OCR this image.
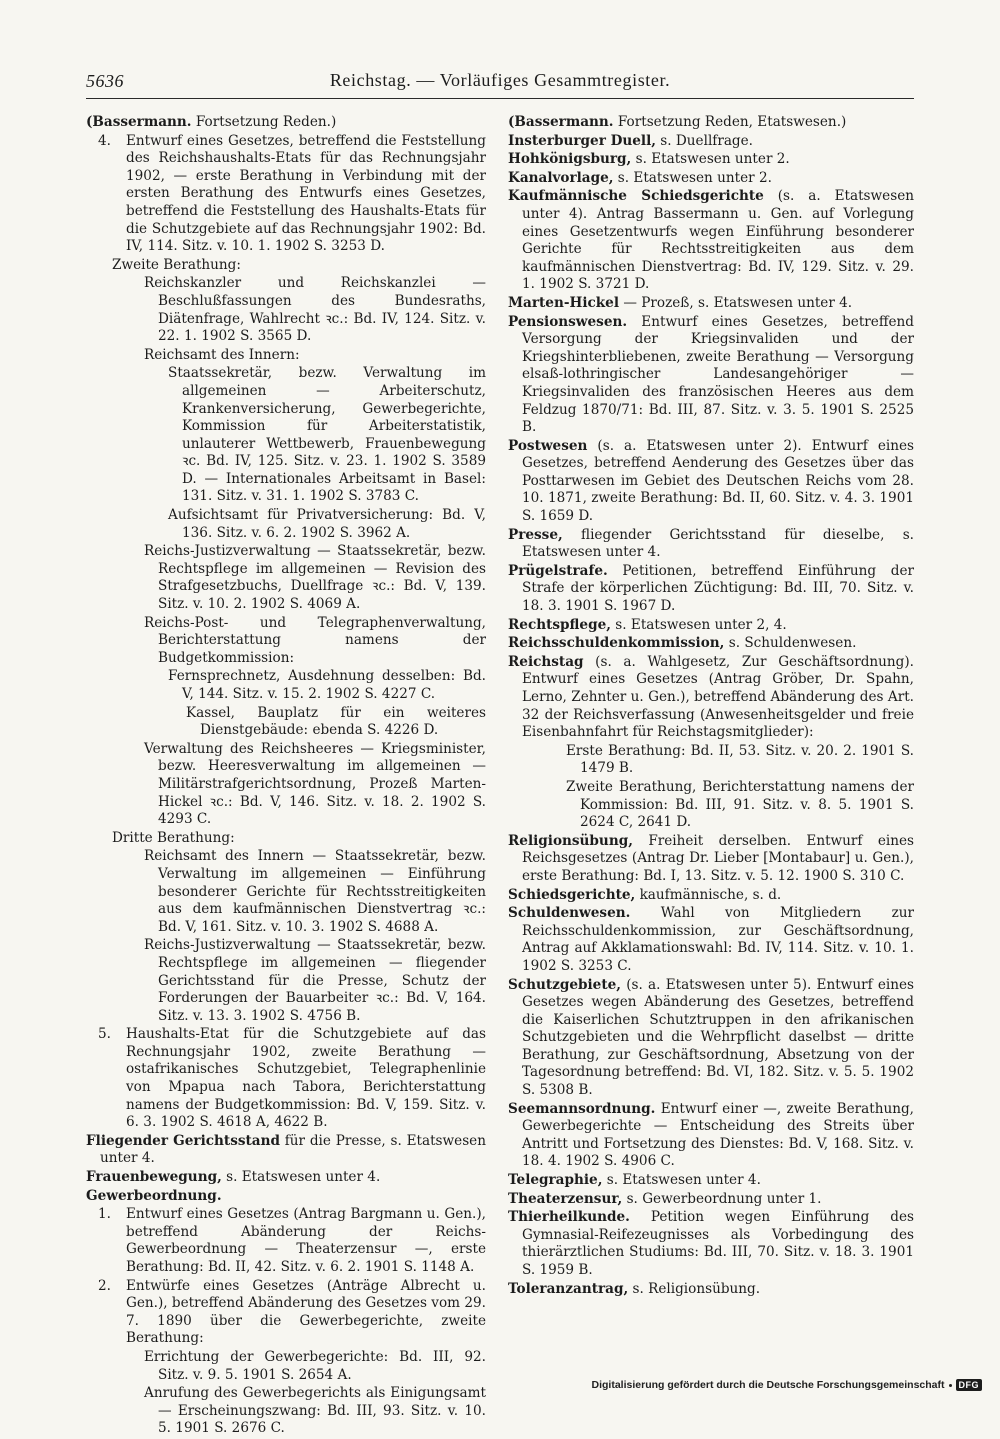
5636	Reichstag. — Vorläufiges Gesammtregister.
(Bassermann. Fortsetzung Reden.)
4. Entwurf eines Gesetzes, betreffend die Feststellung des Reichshaushalts-Etats für das Rechnungsjahr 1902, — erste Berathung in Verbindung mit der ersten Berathung des Entwurfs eines Gesetzes, betreffend die Feststellung des Haushalts-Etats für die Schutzgebiete auf das Rechnungsjahr 1902: Bd. IV, 114. Sitz. v. 10. 1. 1902 S. 3253 D.
Zweite Berathung:
Reichskanzler und Reichskanzlei — Beschlußfassungen des Bundesraths, Diätenfrage, Wahlrecht ꝛc.: Bd. IV, 124. Sitz. v. 22. 1. 1902 S. 3565 D.
Reichsamt des Innern:
Staatssekretär, bezw. Verwaltung im allgemeinen — Arbeiterschutz, Krankenversicherung, Gewerbegerichte, Kommission für Arbeiterstatistik, unlauterer Wettbewerb, Frauenbewegung ꝛc. Bd. IV, 125. Sitz. v. 23. 1. 1902 S. 3589 D. — Internationales Arbeitsamt in Basel: 131. Sitz. v. 31. 1. 1902 S. 3783 C.
Aufsichtsamt für Privatversicherung: Bd. V, 136. Sitz. v. 6. 2. 1902 S. 3962 A.
Reichs-Justizverwaltung — Staatssekretär, bezw. Rechtspflege im allgemeinen — Revision des Strafgesetzbuchs, Duellfrage ꝛc.: Bd. V, 139. Sitz. v. 10. 2. 1902 S. 4069 A.
Reichs-Post- und Telegraphenverwaltung, Berichterstattung namens der Budgetkommission:
Fernsprechnetz, Ausdehnung desselben: Bd. V, 144. Sitz. v. 15. 2. 1902 S. 4227 C.
Kassel, Bauplatz für ein weiteres Dienstgebäude: ebenda S. 4226 D.
Verwaltung des Reichsheeres — Kriegsminister, bezw. Heeresverwaltung im allgemeinen — Militärstrafgerichtsordnung, Prozeß Marten-Hickel ꝛc.: Bd. V, 146. Sitz. v. 18. 2. 1902 S. 4293 C.
Dritte Berathung:
Reichsamt des Innern — Staatssekretär, bezw. Verwaltung im allgemeinen — Einführung besonderer Gerichte für Rechtsstreitigkeiten aus dem kaufmännischen Dienstvertrag ꝛc.: Bd. V, 161. Sitz. v. 10. 3. 1902 S. 4688 A.
Reichs-Justizverwaltung — Staatssekretär, bezw. Rechtspflege im allgemeinen — fliegender Gerichtsstand für die Presse, Schutz der Forderungen der Bauarbeiter ꝛc.: Bd. V, 164. Sitz. v. 13. 3. 1902 S. 4756 B.
5. Haushalts-Etat für die Schutzgebiete auf das Rechnungsjahr 1902, zweite Berathung — ostafrikanisches Schutzgebiet, Telegraphenlinie von Mpapua nach Tabora, Berichterstattung namens der Budgetkommission: Bd. V, 159. Sitz. v. 6. 3. 1902 S. 4618 A, 4622 B.
Fliegender Gerichtsstand für die Presse, s. Etatswesen unter 4.
Frauenbewegung, s. Etatswesen unter 4.
Gewerbeordnung.
1. Entwurf eines Gesetzes (Antrag Bargmann u. Gen.), betreffend Abänderung der Reichs-Gewerbeordnung — Theaterzensur —, erste Berathung: Bd. II, 42. Sitz. v. 6. 2. 1901 S. 1148 A.
2. Entwürfe eines Gesetzes (Anträge Albrecht u. Gen.), betreffend Abänderung des Gesetzes vom 29. 7. 1890 über die Gewerbegerichte, zweite Berathung:
Errichtung der Gewerbegerichte: Bd. III, 92. Sitz. v. 9. 5. 1901 S. 2654 A.
Anrufung des Gewerbegerichts als Einigungsamt — Erscheinungszwang: Bd. III, 93. Sitz. v. 10. 5. 1901 S. 2676 C.
(Bassermann. Fortsetzung Reden, Etatswesen.)
Insterburger Duell, s. Duellfrage.
Hohkönigsburg, s. Etatswesen unter 2.
Kanalvorlage, s. Etatswesen unter 2.
Kaufmännische Schiedsgerichte (s. a. Etatswesen unter 4). Antrag Bassermann u. Gen. auf Vorlegung eines Gesetzentwurfs wegen Einführung besonderer Gerichte für Rechtsstreitigkeiten aus dem kaufmännischen Dienstvertrag: Bd. IV, 129. Sitz. v. 29. 1. 1902 S. 3721 D.
Marten-Hickel — Prozeß, s. Etatswesen unter 4.
Pensionswesen. Entwurf eines Gesetzes, betreffend Versorgung der Kriegsinvaliden und der Kriegshinterbliebenen, zweite Berathung — Versorgung elsaß-lothringischer Landesangehöriger — Kriegsinvaliden des französischen Heeres aus dem Feldzug 1870/71: Bd. III, 87. Sitz. v. 3. 5. 1901 S. 2525 B.
Postwesen (s. a. Etatswesen unter 2). Entwurf eines Gesetzes, betreffend Aenderung des Gesetzes über das Posttarwesen im Gebiet des Deutschen Reichs vom 28. 10. 1871, zweite Berathung: Bd. II, 60. Sitz. v. 4. 3. 1901 S. 1659 D.
Presse, fliegender Gerichtsstand für dieselbe, s. Etatswesen unter 4.
Prügelstrafe. Petitionen, betreffend Einführung der Strafe der körperlichen Züchtigung: Bd. III, 70. Sitz. v. 18. 3. 1901 S. 1967 D.
Rechtspflege, s. Etatswesen unter 2, 4.
Reichsschuldenkommission, s. Schuldenwesen.
Reichstag (s. a. Wahlgesetz, Zur Geschäftsordnung). Entwurf eines Gesetzes (Antrag Gröber, Dr. Spahn, Lerno, Zehnter u. Gen.), betreffend Abänderung des Art. 32 der Reichsverfassung (Anwesenheitsgelder und freie Eisenbahnfahrt für Reichstagsmitglieder):
Erste Berathung: Bd. II, 53. Sitz. v. 20. 2. 1901 S. 1479 B.
Zweite Berathung, Berichterstattung namens der Kommission: Bd. III, 91. Sitz. v. 8. 5. 1901 S. 2624 C, 2641 D.
Religionsübung, Freiheit derselben. Entwurf eines Reichsgesetzes (Antrag Dr. Lieber [Montabaur] u. Gen.), erste Berathung: Bd. I, 13. Sitz. v. 5. 12. 1900 S. 310 C.
Schiedsgerichte, kaufmännische, s. d.
Schuldenwesen. Wahl von Mitgliedern zur Reichsschuldenkommission, zur Geschäftsordnung, Antrag auf Akklamationswahl: Bd. IV, 114. Sitz. v. 10. 1. 1902 S. 3253 C.
Schutzgebiete, (s. a. Etatswesen unter 5). Entwurf eines Gesetzes wegen Abänderung des Gesetzes, betreffend die Kaiserlichen Schutztruppen in den afrikanischen Schutzgebieten und die Wehrpflicht daselbst — dritte Berathung, zur Geschäftsordnung, Absetzung von der Tagesordnung betreffend: Bd. VI, 182. Sitz. v. 5. 5. 1902 S. 5308 B.
Seemannsordnung. Entwurf einer —, zweite Berathung, Gewerbegerichte — Entscheidung des Streits über Antritt und Fortsetzung des Dienstes: Bd. V, 168. Sitz. v. 18. 4. 1902 S. 4906 C.
Telegraphie, s. Etatswesen unter 4.
Theaterzensur, s. Gewerbeordnung unter 1.
Thierheilkunde. Petition wegen Einführung des Gymnasial-Reifezeugnisses als Vorbedingung des thierärztlichen Studiums: Bd. III, 70. Sitz. v. 18. 3. 1901 S. 1959 B.
Toleranzantrag, s. Religionsübung.
Digitalisierung gefördert durch die Deutsche Forschungsgemeinschaft	DFG
